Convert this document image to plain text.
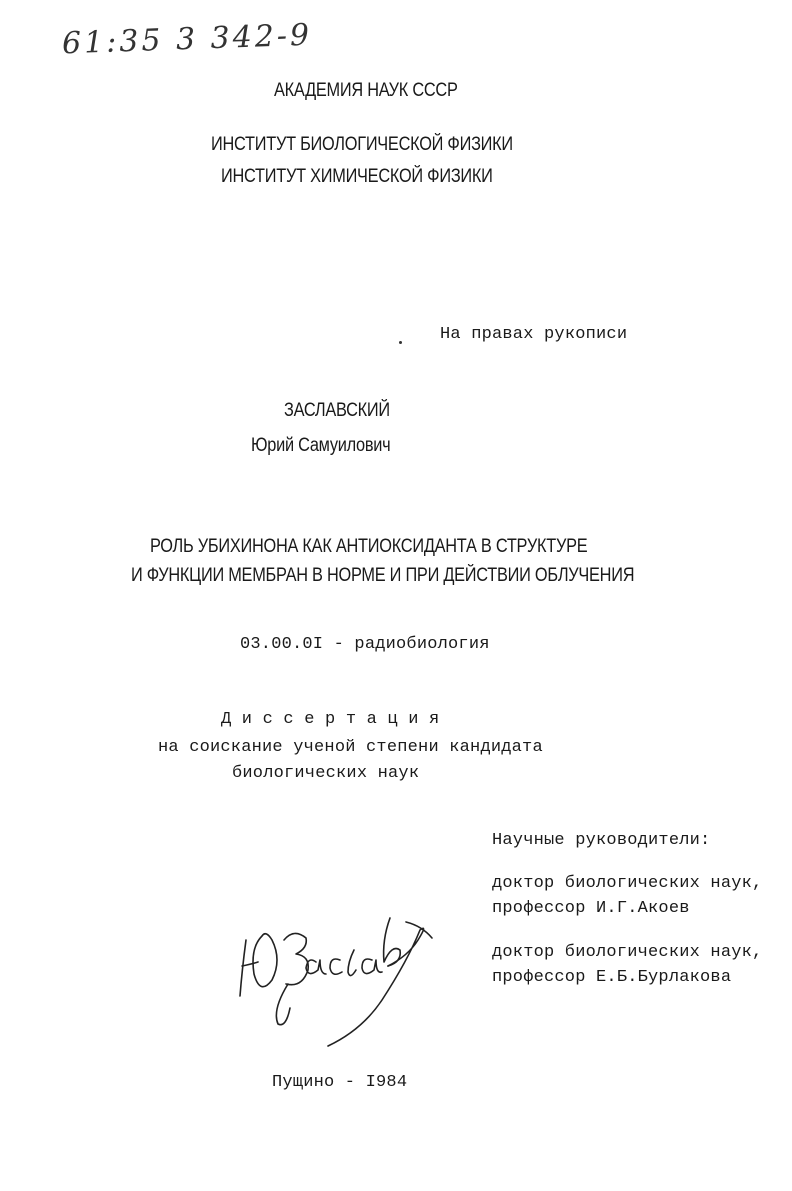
61:35 3 342-9
АКАДЕМИЯ НАУК СССР
ИНСТИТУТ БИОЛОГИЧЕСКОЙ ФИЗИКИ
ИНСТИТУТ ХИМИЧЕСКОЙ ФИЗИКИ
На правах рукописи
ЗАСЛАВСКИЙ
Юрий Самуилович
РОЛЬ УБИХИНОНА КАК АНТИОКСИДАНТА В СТРУКТУРЕ
И ФУНКЦИИ МЕМБРАН В НОРМЕ И ПРИ ДЕЙСТВИИ ОБЛУЧЕНИЯ
03.00.0I - радиобиология
Д и с с е р т а ц и я
на соискание ученой степени кандидата
биологических наук
Научные руководители:
доктор биологических наук,
профессор И.Г.Акоев
доктор биологических наук,
профессор Е.Б.Бурлакова
Пущино - I984
